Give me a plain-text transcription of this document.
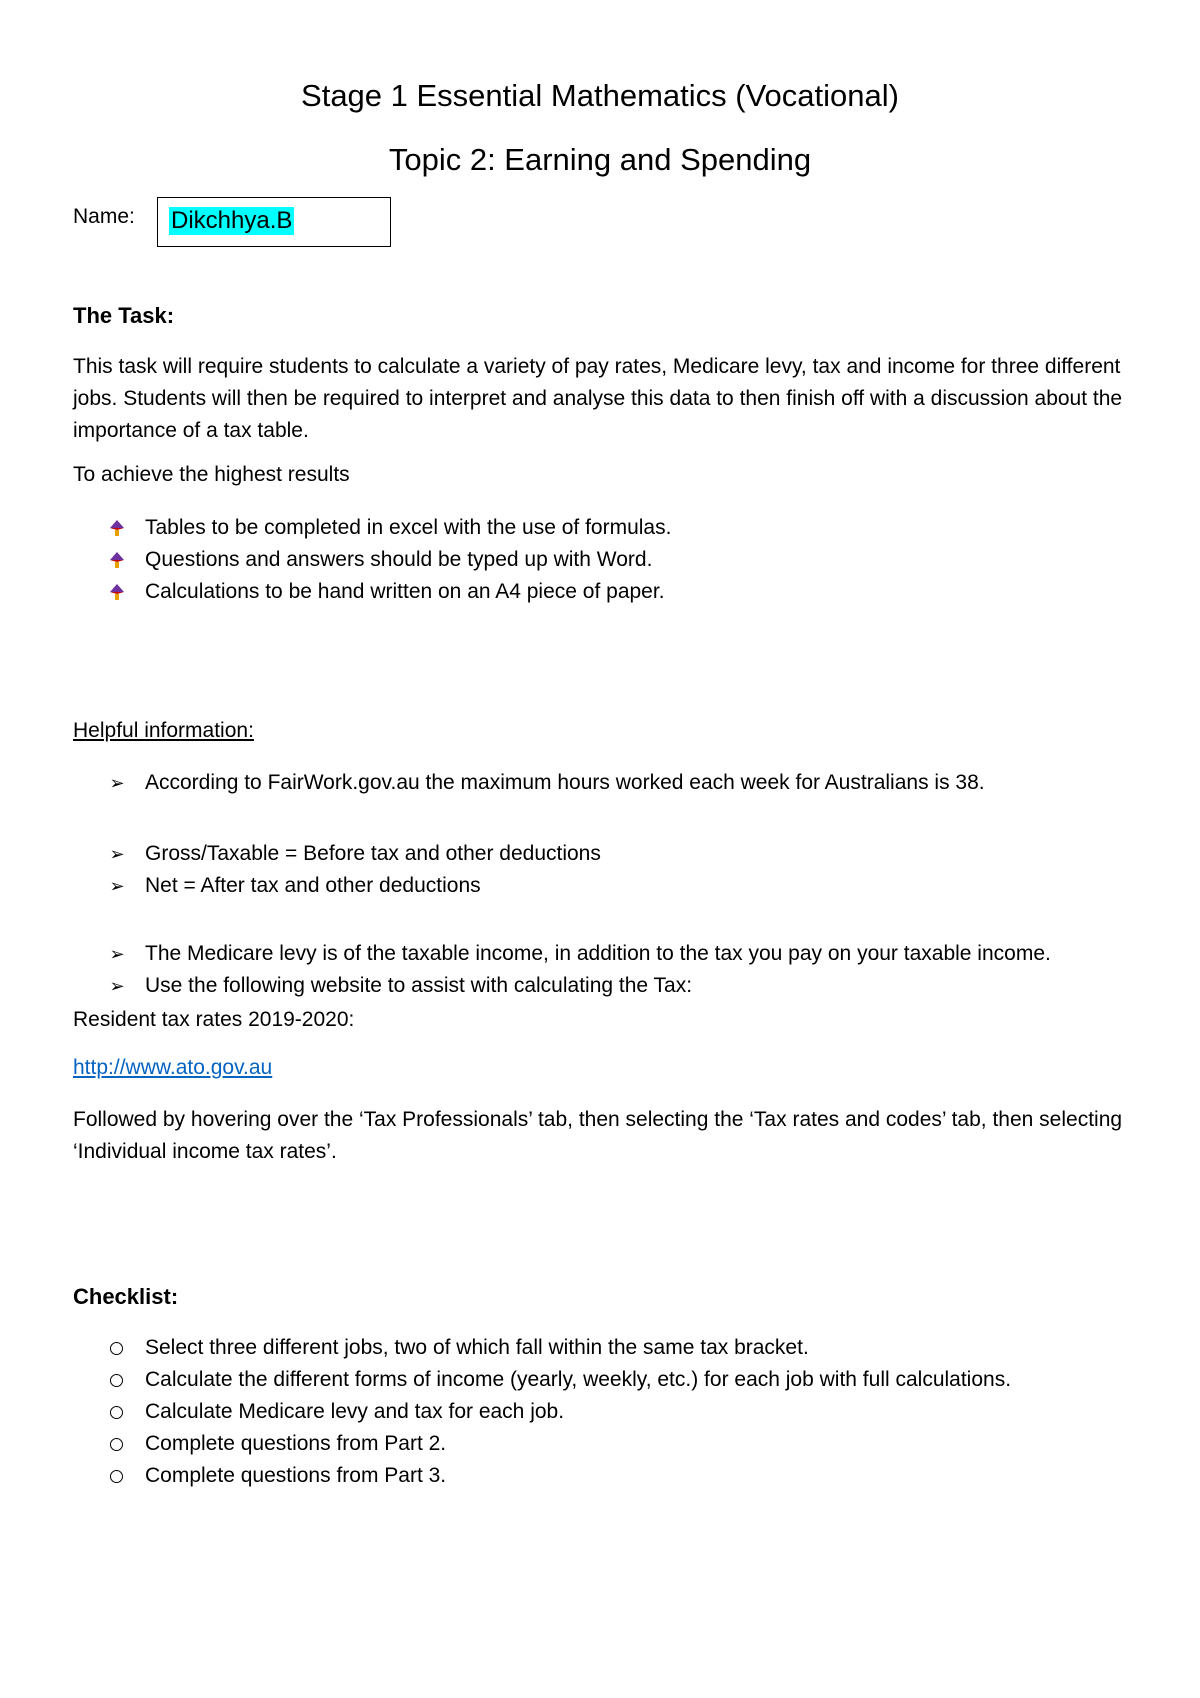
Stage 1 Essential Mathematics (Vocational)
Topic 2: Earning and Spending
Name: Dikchhya.B
The Task:

This task will require students to calculate a variety of pay rates, Medicare levy, tax and income for three different jobs. Students will then be required to interpret and analyse this data to then finish off with a discussion about the importance of a tax table.

To achieve the highest results
Tables to be completed in excel with the use of formulas.
Questions and answers should be typed up with Word.
Calculations to be hand written on an A4 piece of paper.
Helpful information:
➢ According to FairWork.gov.au the maximum hours worked each week for Australians is 38.
➢ Gross/Taxable = Before tax and other deductions
➢ Net = After tax and other deductions
➢ The Medicare levy is of the taxable income, in addition to the tax you pay on your taxable income.
➢ Use the following website to assist with calculating the Tax:
Resident tax rates 2019-2020:
http://www.ato.gov.au

Followed by hovering over the ‘Tax Professionals’ tab, then selecting the ‘Tax rates and codes’ tab, then selecting ‘Individual income tax rates’.

Checklist:
Select three different jobs, two of which fall within the same tax bracket.
Calculate the different forms of income (yearly, weekly, etc.) for each job with full calculations.
Calculate Medicare levy and tax for each job.
Complete questions from Part 2.
Complete questions from Part 3.
